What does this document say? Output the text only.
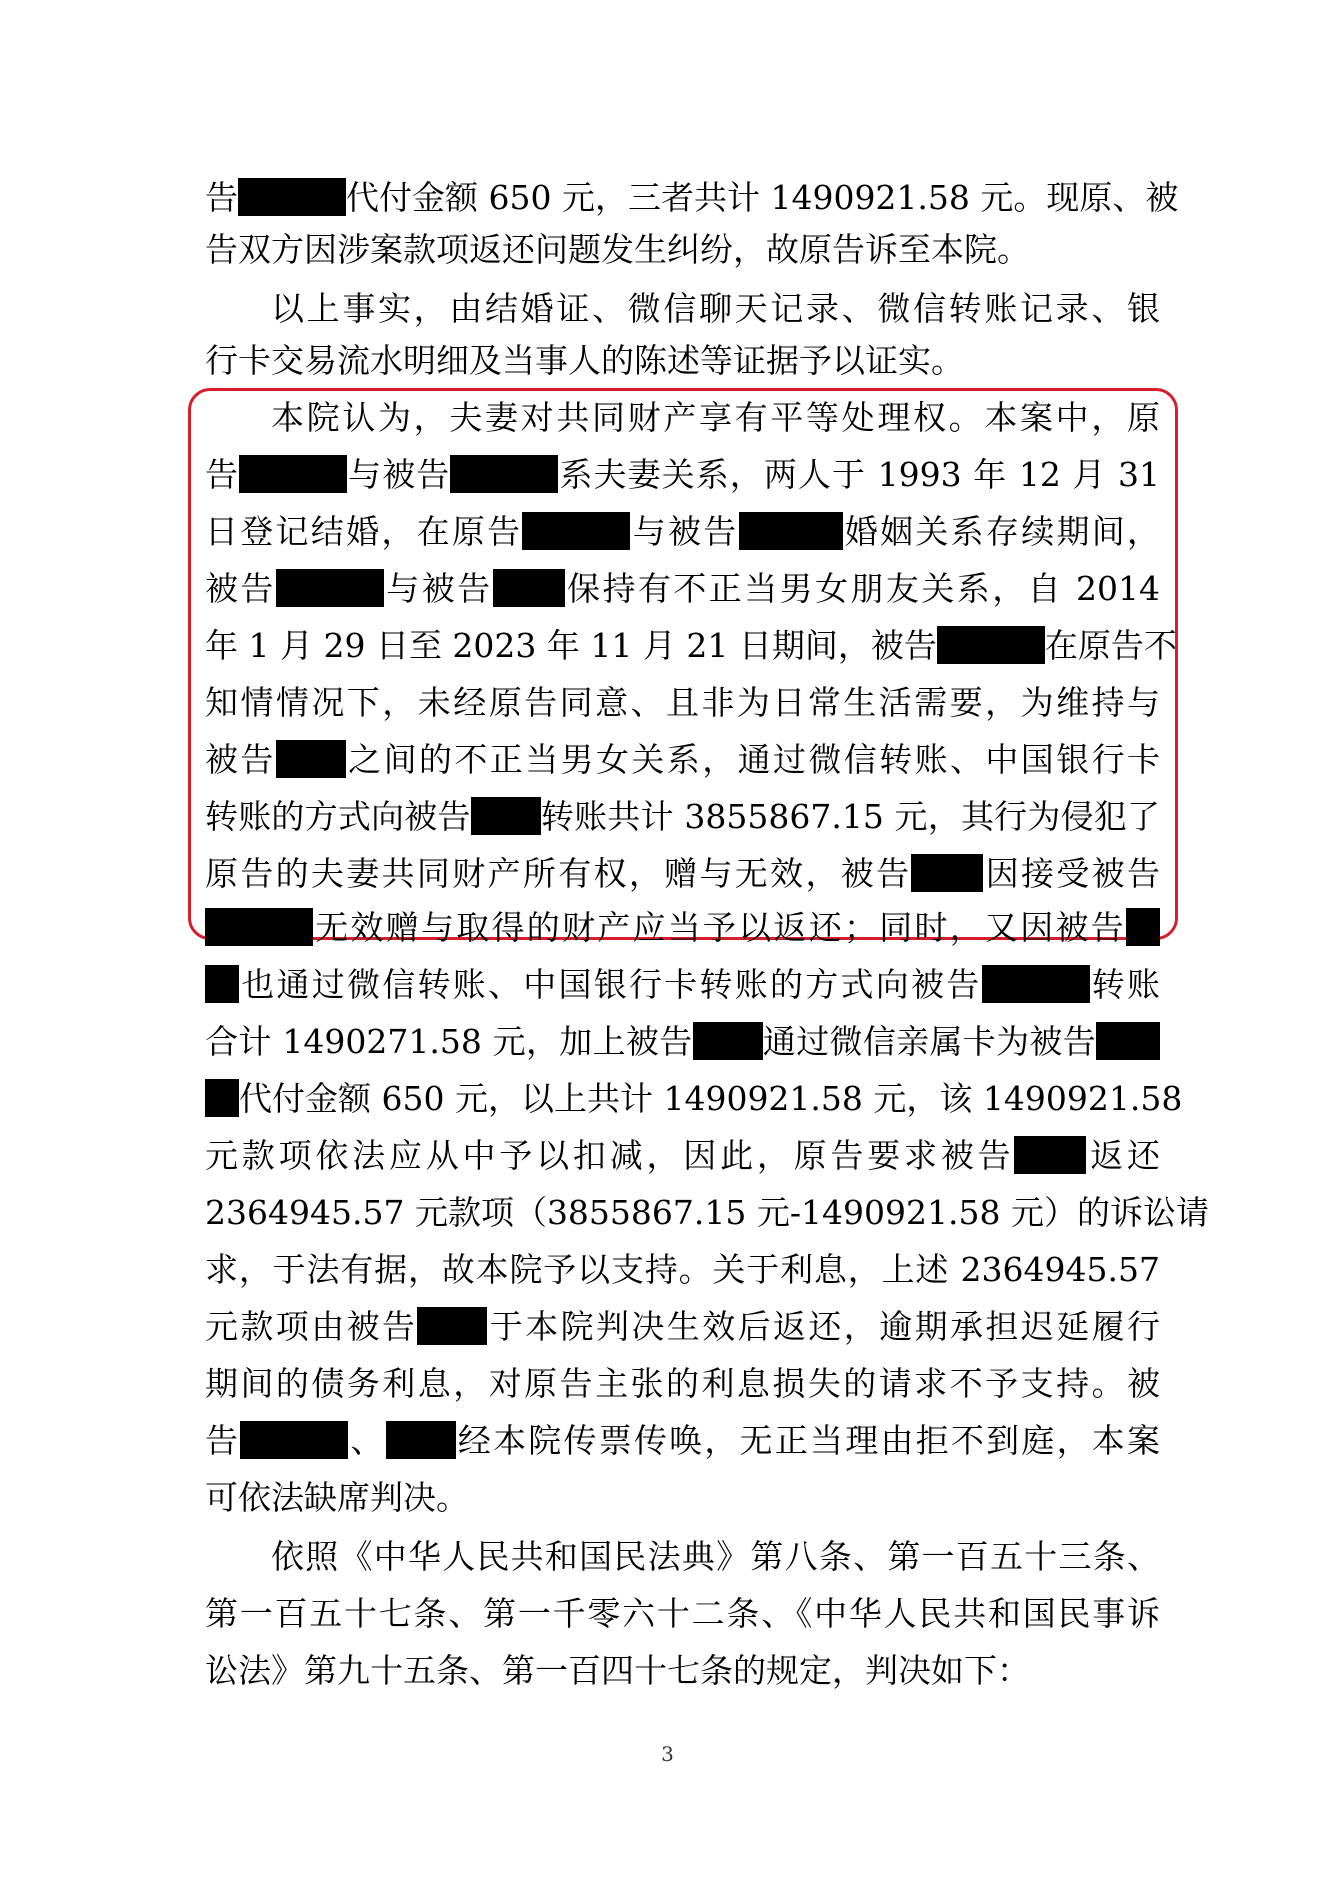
告	代付金额 650 元，三者共计 1490921.58 元。现原、被
告双方因涉案款项返还问题发生纠纷，故原告诉至本院。
以上事实，由结婚证、微信聊天记录、微信转账记录、银
行卡交易流水明细及当事人的陈述等证据予以证实。
本院认为，夫妻对共同财产享有平等处理权。本案中，原
告	与被告	系夫妻关系，两人于 1993 年 12 月 31
日登记结婚，在原告	与被告	婚姻关系存续期间，
被告	与被告 保持有不正当男女朋友关系，自 2014
年 1 月 29 日至 2023 年 11 月 21 日期间，被告	在原告不
知情情况下，未经原告同意、且非为日常生活需要，为维持与
被告 之间的不正当男女关系，通过微信转账、中国银行卡
转账的方式向被告 转账共计 3855867.15 元，其行为侵犯了
原告的夫妻共同财产所有权，赠与无效，被告 因接受被告
无效赠与取得的财产应当予以返还；同时，又因被告
也通过微信转账、中国银行卡转账的方式向被告	转账
合计 1490271.58 元，加上被告 通过微信亲属卡为被告
代付金额 650 元，以上共计 1490921.58 元，该 1490921.58
元款项依法应从中予以扣减，因此，原告要求被告 返还
2364945.57 元款项（3855867.15 元-1490921.58 元）的诉讼请
求，于法有据，故本院予以支持。关于利息，上述 2364945.57
元款项由被告 于本院判决生效后返还，逾期承担迟延履行
期间的债务利息，对原告主张的利息损失的请求不予支持。被
告	、 经本院传票传唤，无正当理由拒不到庭，本案
可依法缺席判决。
依照《中华人民共和国民法典》第八条、第一百五十三条、
第一百五十七条、第一千零六十二条、《中华人民共和国民事诉
讼法》第九十五条、第一百四十七条的规定，判决如下：
3
